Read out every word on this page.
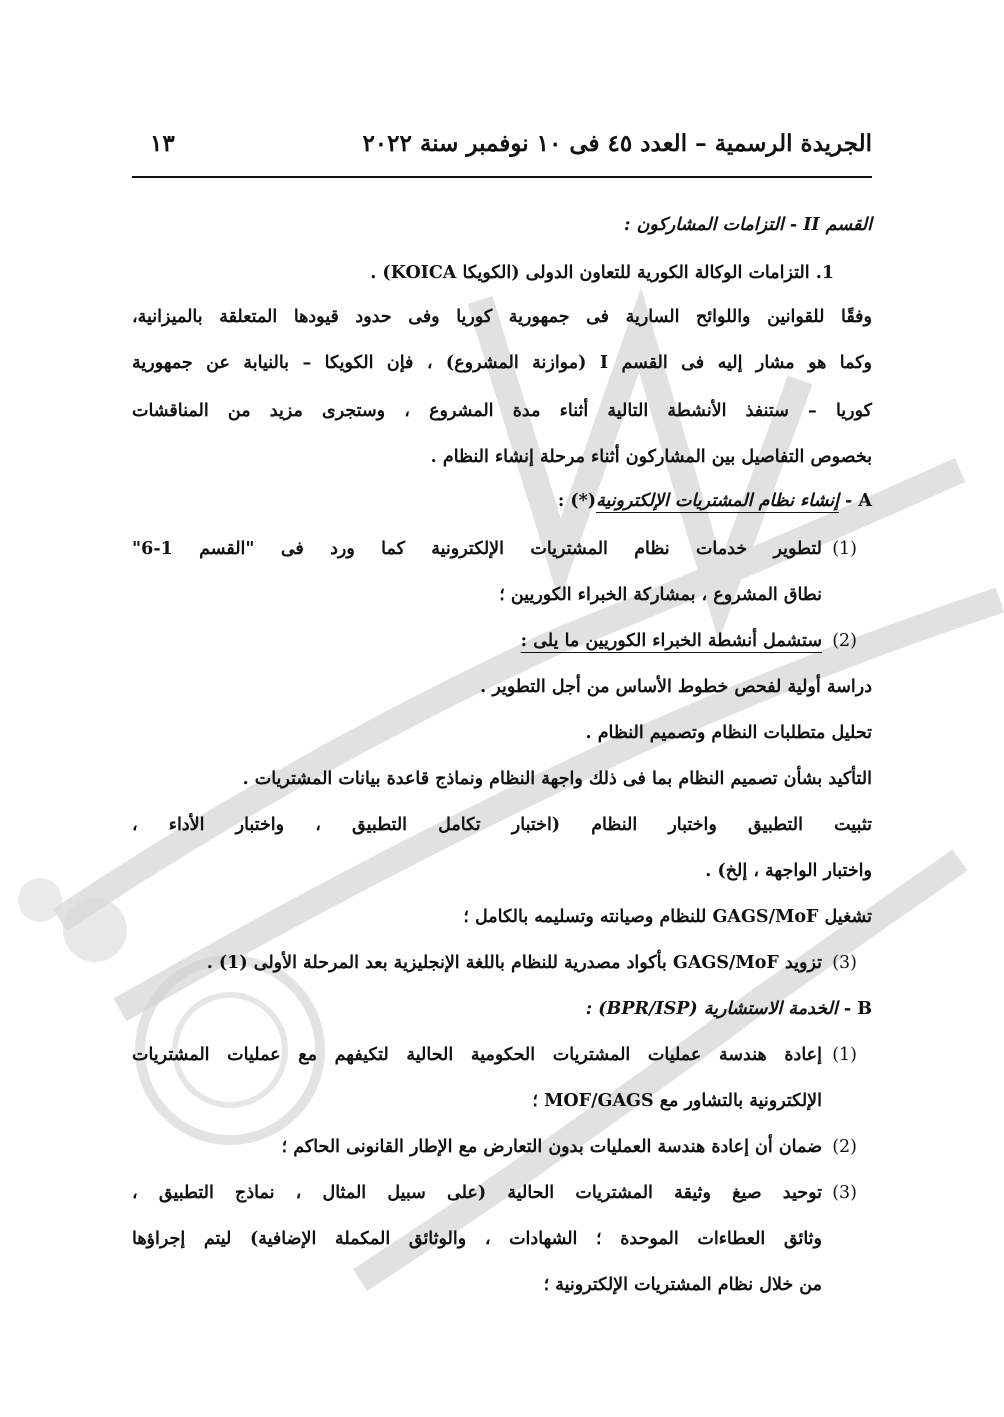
الجريدة الرسمية – العدد ٤٥ فى ١٠ نوفمبر سنة ٢٠٢٢
١٣
القسم II - التزامات المشاركون :
1. التزامات الوكالة الكورية للتعاون الدولى (الكويكا KOICA) .
وفقًا للقوانين واللوائح السارية فى جمهورية كوريا وفى حدود قيودها المتعلقة بالميزانية،
وكما هو مشار إليه فى القسم I (موازنة المشروع) ، فإن الكويكا – بالنيابة عن جمهورية
كوريا – ستنفذ الأنشطة التالية أثناء مدة المشروع ، وستجرى مزيد من المناقشات
بخصوص التفاصيل بين المشاركون أثناء مرحلة إنشاء النظام .
A - إنشاء نظام المشتريات الإلكترونية(*) :
(1)
لتطوير خدمات نظام المشتريات الإلكترونية كما ورد فى "القسم 1-6"
نطاق المشروع ، بمشاركة الخبراء الكوريين ؛
(2)
ستشمل أنشطة الخبراء الكوريين ما يلى :
دراسة أولية لفحص خطوط الأساس من أجل التطوير .
تحليل متطلبات النظام وتصميم النظام .
التأكيد بشأن تصميم النظام بما فى ذلك واجهة النظام ونماذج قاعدة بيانات المشتريات .
تثبيت التطبيق واختبار النظام (اختبار تكامل التطبيق ، واختبار الأداء ،
واختبار الواجهة ، إلخ) .
تشغيل GAGS/MoF للنظام وصيانته وتسليمه بالكامل ؛
(3)
تزويد GAGS/MoF بأكواد مصدرية للنظام باللغة الإنجليزية بعد المرحلة الأولى (1) .
B - الخدمة الاستشارية (BPR/ISP) :
(1)
إعادة هندسة عمليات المشتريات الحكومية الحالية لتكيفهم مع عمليات المشتريات
الإلكترونية بالتشاور مع MOF/GAGS ؛
(2)
ضمان أن إعادة هندسة العمليات بدون التعارض مع الإطار القانونى الحاكم ؛
(3)
توحيد صيغ وثيقة المشتريات الحالية (على سبيل المثال ، نماذج التطبيق ،
وثائق العطاءات الموحدة ؛ الشهادات ، والوثائق المكملة الإضافية) ليتم إجراؤها
من خلال نظام المشتريات الإلكترونية ؛
